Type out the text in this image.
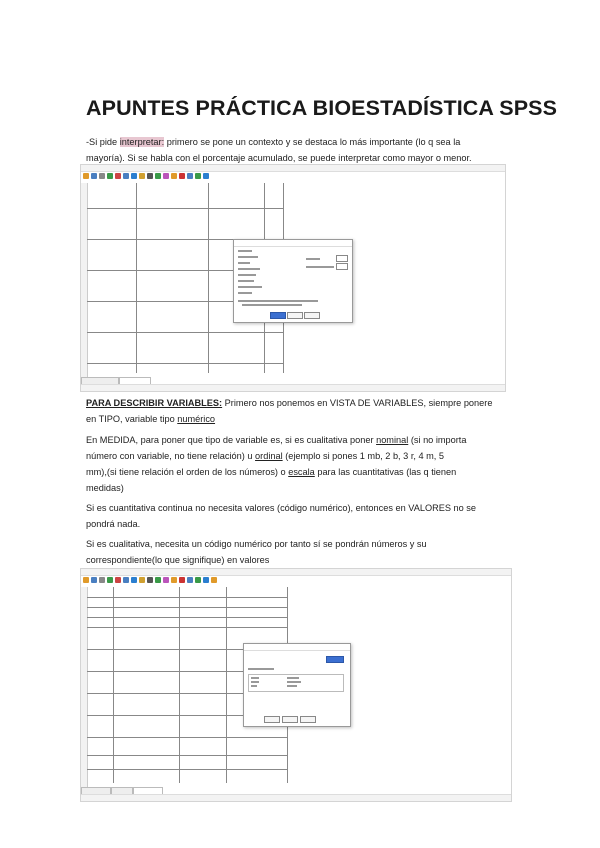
APUNTES PRÁCTICA BIOESTADÍSTICA SPSS
-Si pide interpretar: primero se pone un contexto y se destaca lo más importante (lo q sea la
mayoría). Si se habla con el porcentaje acumulado, se puede interpretar como mayor o menor.
PARA DESCRIBIR VARIABLES: Primero nos ponemos en VISTA DE VARIABLES, siempre ponere
en TIPO, variable tipo numérico
En MEDIDA, para poner que tipo de variable es, si es cualitativa poner nominal (si no importa
número con variable, no tiene relación) u ordinal (ejemplo si pones 1 mb, 2 b, 3 r, 4 m, 5
mm),(si tiene relación el orden de los números) o escala para las cuantitativas (las q tienen
medidas)
Si es cuantitativa continua no necesita valores (código numérico), entonces en VALORES no se
pondrá nada.
Si es cualitativa, necesita un código numérico por tanto sí se pondrán números y su
correspondiente(lo que signifique) en valores
